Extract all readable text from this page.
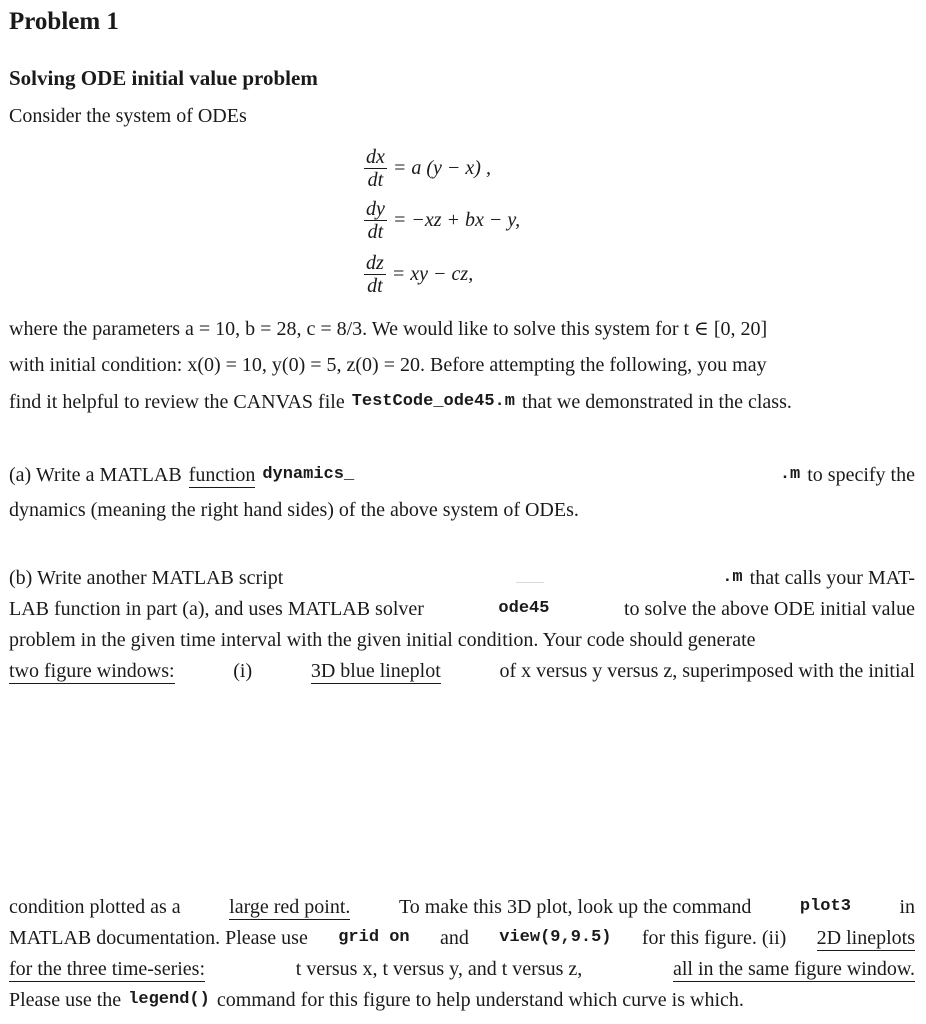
Problem 1
Solving ODE initial value problem
Consider the system of ODEs
$\frac{dx}{dt} = a$ (y − x) ,
$\frac{dy}{dt} = -xz$ + bx − y,
$\frac{dz}{dt}$ = xy − cz,
where the parameters a = 10, b = 28, c = 8/3. We would like to solve this system for t ∈ [0, 20]
with initial condition: x(0) = 10, y(0) = 5, z(0) = 20. Before attempting the following, you may
find it helpful to review the CANVAS file TestCode_ode45.m that we demonstrated in the class.
(a) Write a MATLAB function dynamics_	.m to specify the
dynamics (meaning the right hand sides) of the above system of ODEs.
(b) Write another MATLAB script	.m that calls your MAT-
LAB function in part (a), and uses MATLAB solver	ode45	to solve the above ODE initial value
problem in the given time interval with the given initial condition. Your code should generate
two figure windows:	(i)	3D blue lineplot	of x versus y versus z, superimposed with the initial
condition plotted as a large red point. To make this 3D plot, look up the command	plot3 in
MATLAB documentation. Please use grid on and view(9,9.5) for this figure. (ii) 2D lineplots
for the three time-series:	t versus x, t versus y, and t versus z,	all in the same figure window.
Please use the legend() command for this figure to help understand which curve is which.
